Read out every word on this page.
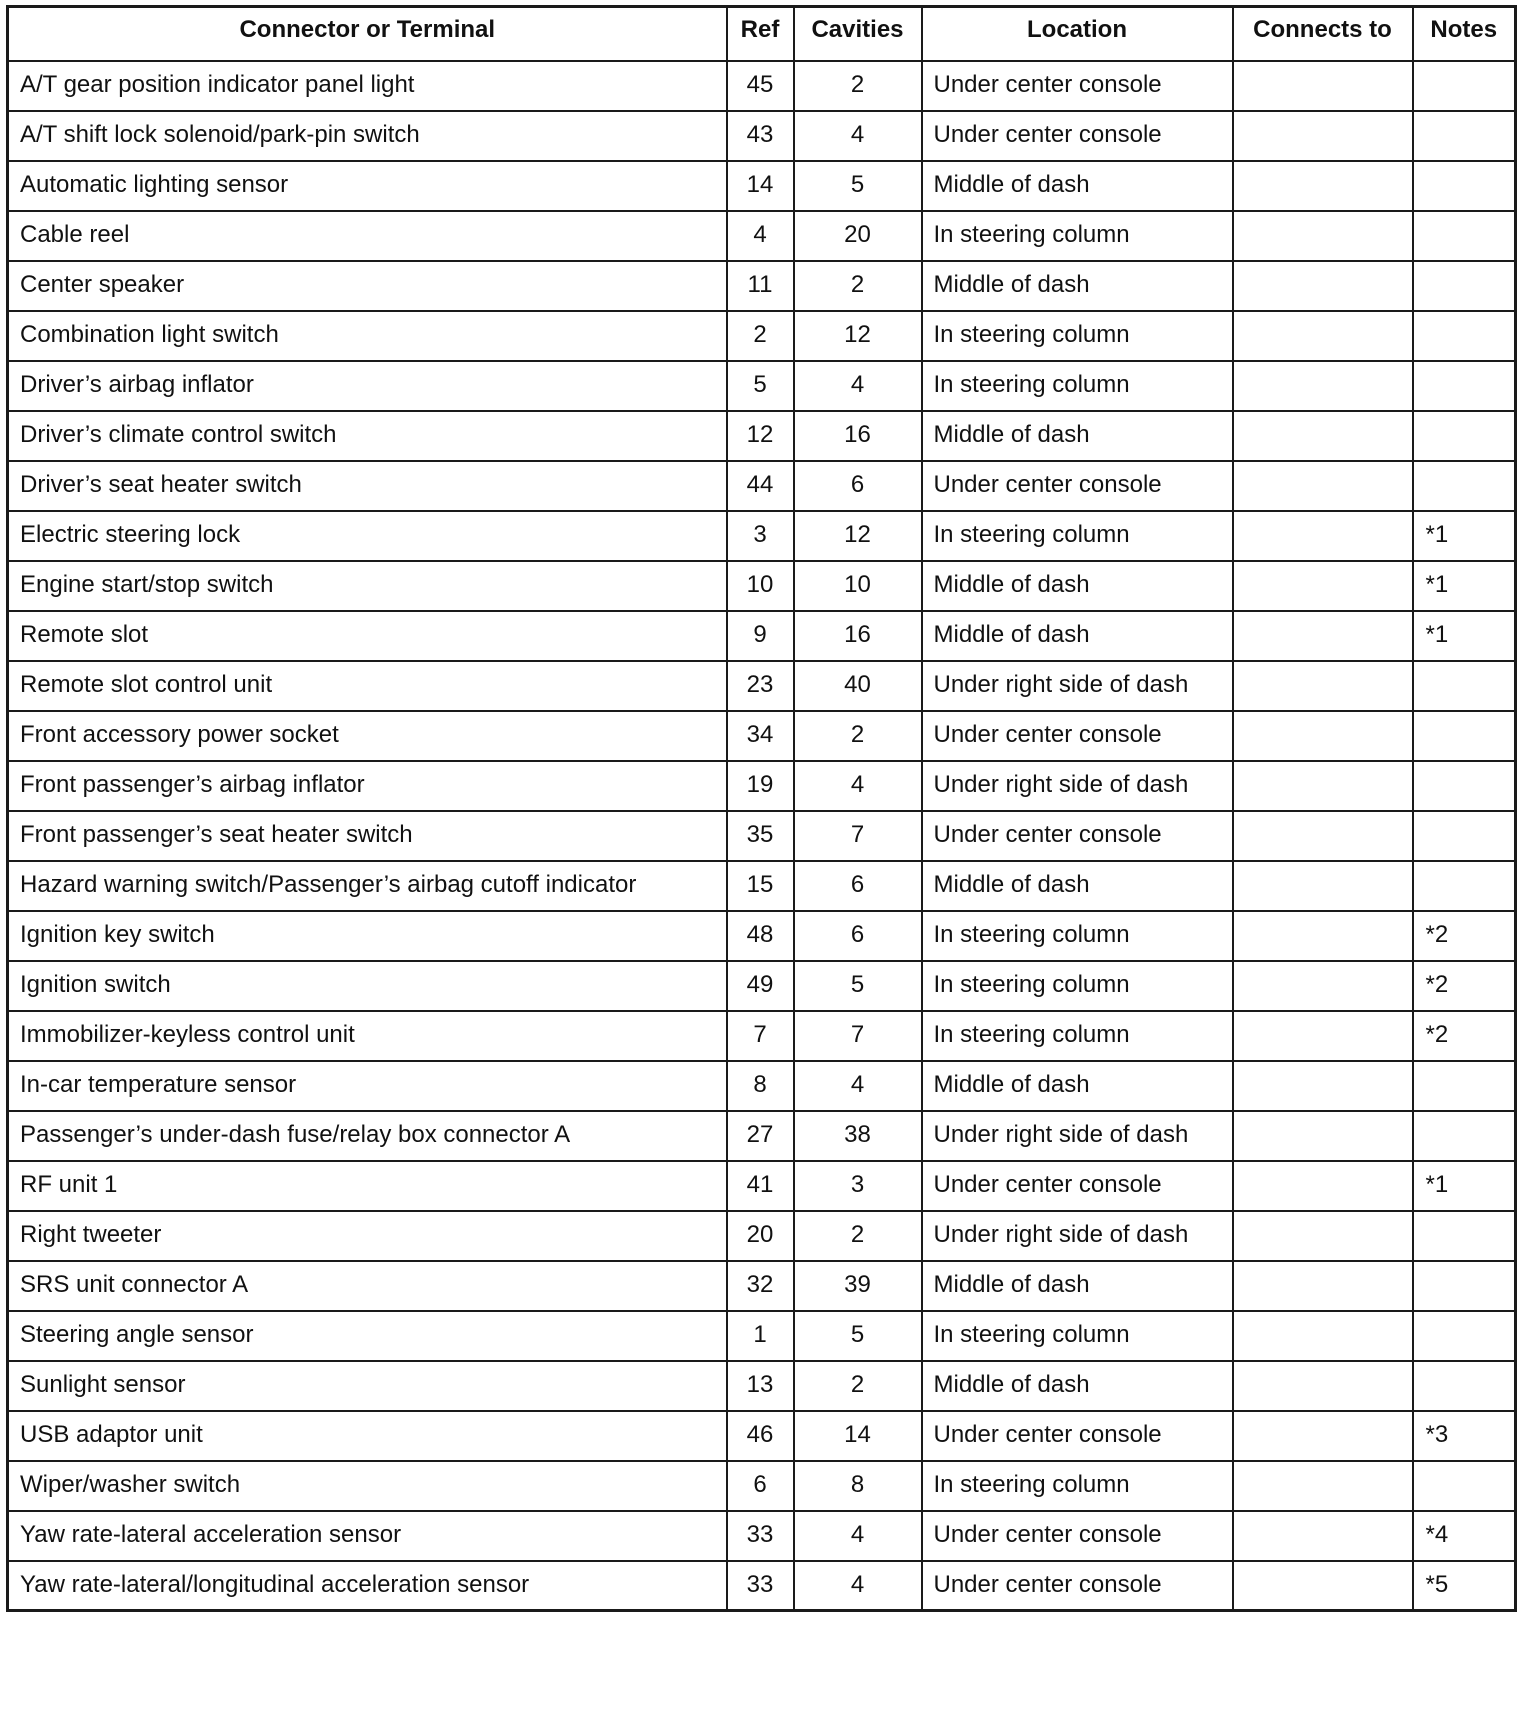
Connector or Terminal	Ref	Cavities	Location	Connects to	Notes
A/T gear position indicator panel light	45	2	Under center console		
A/T shift lock solenoid/park-pin switch	43	4	Under center console		
Automatic lighting sensor	14	5	Middle of dash		
Cable reel	4	20	In steering column		
Center speaker	11	2	Middle of dash		
Combination light switch	2	12	In steering column		
Driver’s airbag inflator	5	4	In steering column		
Driver’s climate control switch	12	16	Middle of dash		
Driver’s seat heater switch	44	6	Under center console		
Electric steering lock	3	12	In steering column		*1
Engine start/stop switch	10	10	Middle of dash		*1
Remote slot	9	16	Middle of dash		*1
Remote slot control unit	23	40	Under right side of dash		
Front accessory power socket	34	2	Under center console		
Front passenger’s airbag inflator	19	4	Under right side of dash		
Front passenger’s seat heater switch	35	7	Under center console		
Hazard warning switch/Passenger’s airbag cutoff indicator	15	6	Middle of dash		
Ignition key switch	48	6	In steering column		*2
Ignition switch	49	5	In steering column		*2
Immobilizer-keyless control unit	7	7	In steering column		*2
In-car temperature sensor	8	4	Middle of dash		
Passenger’s under-dash fuse/relay box connector A	27	38	Under right side of dash		
RF unit 1	41	3	Under center console		*1
Right tweeter	20	2	Under right side of dash		
SRS unit connector A	32	39	Middle of dash		
Steering angle sensor	1	5	In steering column		
Sunlight sensor	13	2	Middle of dash		
USB adaptor unit	46	14	Under center console		*3
Wiper/washer switch	6	8	In steering column		
Yaw rate-lateral acceleration sensor	33	4	Under center console		*4
Yaw rate-lateral/longitudinal acceleration sensor	33	4	Under center console		*5
